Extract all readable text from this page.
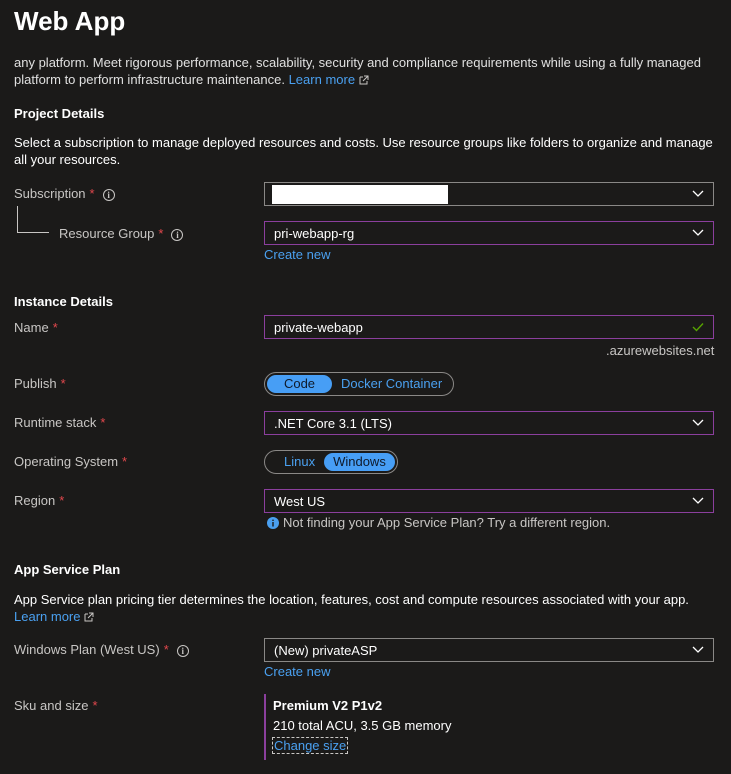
any platform. Meet rigorous performance, scalability, security and compliance requirements while using a fully managed platform to perform infrastructure maintenance. Learn more
Web App
Project Details
Select a subscription to manage deployed resources and costs. Use resource groups like folders to organize and manage all your resources.
Subscription * i
Resource Group * i	pri-webapp-rg
Create new
Instance Details
Name *	private-webapp
.azurewebsites.net
Publish *	Code	Docker Container
Runtime stack *	.NET Core 3.1 (LTS)
Operating System *	Linux	Windows
Region *	West US
Not finding your App Service Plan? Try a different region.
App Service Plan
App Service plan pricing tier determines the location, features, cost and compute resources associated with your app.
Learn more
Windows Plan (West US) * i	(New) privateASP
Create new
Sku and size *	Premium V2 P1v2
210 total ACU, 3.5 GB memory
Change size
